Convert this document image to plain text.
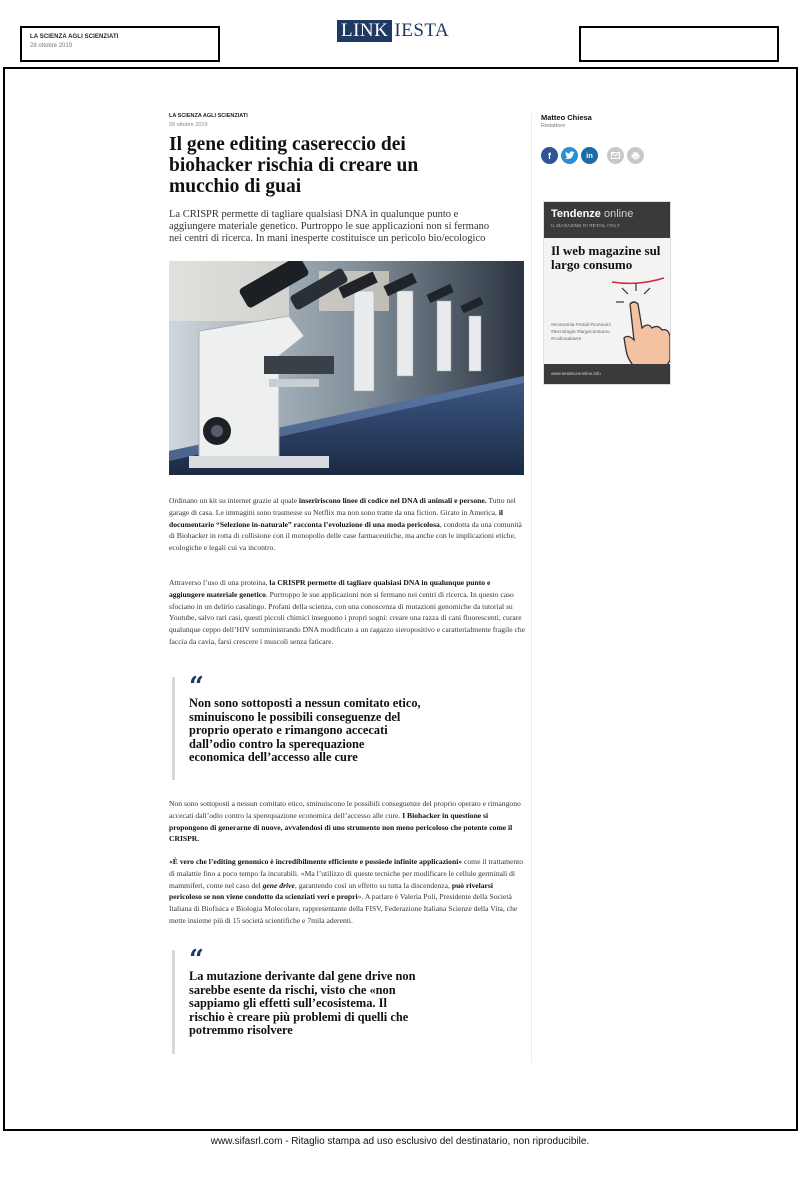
LA SCIENZA AGLI SCIENZIATI
28 ottobre 2019
LINK IESTA
LA SCIENZA AGLI SCIENZIATI
28 ottobre 2019
Il gene editing casereccio dei biohacker rischia di creare un mucchio di guai

La CRISPR permette di tagliare qualsiasi DNA in qualunque punto e aggiungere materiale genetico. Purtroppo le sue applicazioni non si fermano nei centri di ricerca. In mani inesperte costituisce un pericolo bio/ecologico

Ordinano un kit su internet grazie al quale inseririscono linee di codice nel DNA di animali e persone. Tutto nel garage di casa. Le immagini sono trasmesse su Netflix ma non sono tratte da una fiction. Girato in America, il documentario “Selezione in-naturale” racconta l’evoluzione di una moda pericolosa, condotta da una comunità di Biohacker in rotta di collisione con il monopolio delle case farmaceutiche, ma anche con le implicazioni etiche, ecologiche e legali cui va incontro.

Attraverso l’uso di una proteina, la CRISPR permette di tagliare qualsiasi DNA in qualunque punto e aggiungere materiale genetico. Purtroppo le sue applicazioni non si fermano nei centri di ricerca. In questo caso sfociano in un delirio casalingo. Profani della scienza, con una conoscenza di mutazioni genomiche da tutorial su Youtube, salvo rari casi, questi piccoli chimici inseguono i propri sogni: creare una razza di cani fluorescenti, curare qualunque ceppo dell’HIV somministrando DNA modificato a un ragazzo sieropositivo e caratterialmente fragile che faccia da cavia, farsi crescere i muscoli senza faticare.

“
Non sono sottoposti a nessun comitato etico, sminuiscono le possibili conseguenze del proprio operato e rimangono accecati dall’odio contro la sperequazione economica dell’accesso alle cure

Non sono sottoposti a nessun comitato etico, sminuiscono le possibili conseguenze del proprio operato e rimangono accecati dall’odio contro la sperequazione economica dell’accesso alle cure. I Biohacker in questione si propongono di generarne di nuove, avvalendosi di uno strumento non meno pericoloso che potente come il CRISPR.

«È vero che l’editing genomico è incredibilmente efficiente e possiede infinite applicazioni» come il trattamento di malattie fino a poco tempo fa incurabili. «Ma l’utilizzo di queste tecniche per modificare le cellule germinali di mammiferi, come nel caso del gene drive, garantendo così un effetto su tutta la discendenza, può rivelarsi pericoloso se non viene condotto da scienziati veri e propri». A parlare è Valeria Poli, Presidente della Società Italiana di Biofisica e Biologia Molecolare, rappresentante della FISV, Federazione Italiana Scienze della Vita, che mette insieme più di 15 società scientifiche e 7mila aderenti.

“
La mutazione derivante dal gene drive non sarebbe esente da rischi, visto che «non sappiamo gli effetti sull’ecosistema. Il rischio è creare più problemi di quelli che potremmo risolvere
Matteo Chiesa
Redattore
f	in
Tendenze online
IL MAGAZINE DI RETAIL ITALY
Il web magazine sul largo consumo
#economia #retail #consumi #tecnologia #largoconsumo #codiceabarre
www.tendenzeonline.info
www.sifasrl.com - Ritaglio stampa ad uso esclusivo del destinatario, non riproducibile.
